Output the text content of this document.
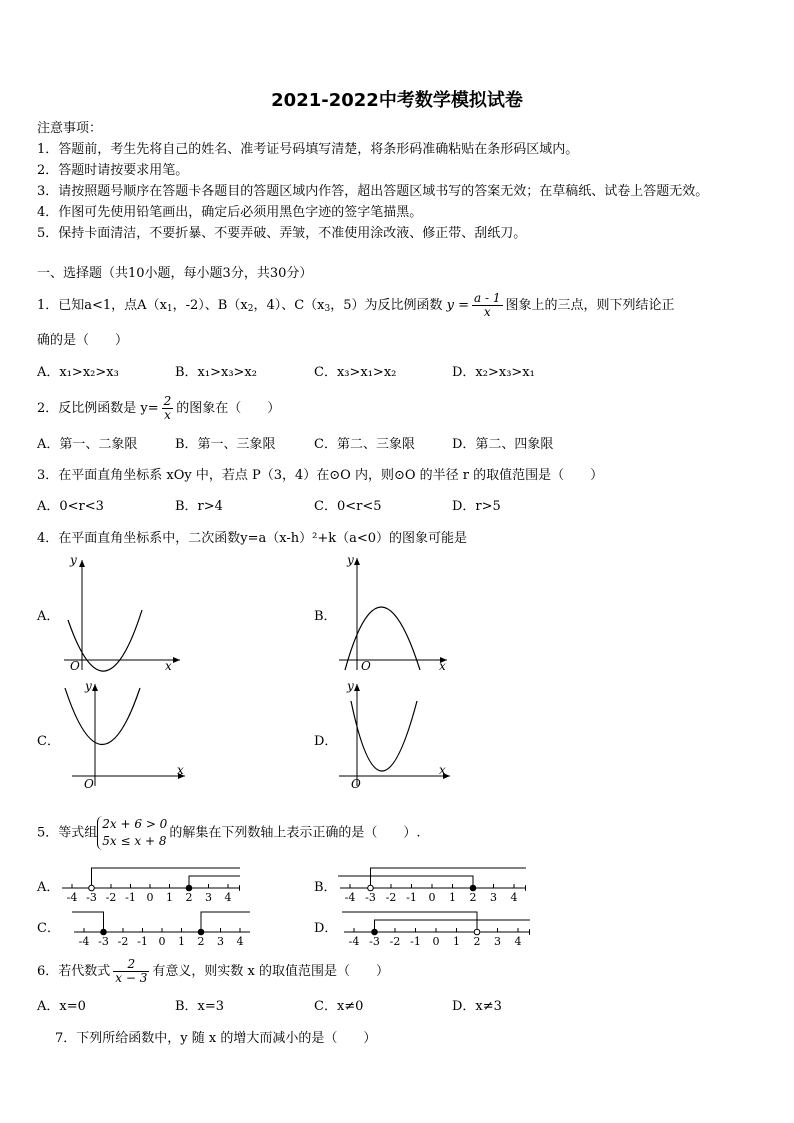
2021-2022中考数学模拟试卷
注意事项：
1．答题前，考生先将自己的姓名、准考证号码填写清楚，将条形码准确粘贴在条形码区域内。
2．答题时请按要求用笔。
3．请按照题号顺序在答题卡各题目的答题区域内作答，超出答题区域书写的答案无效；在草稿纸、试卷上答题无效。
4．作图可先使用铅笔画出，确定后必须用黑色字迹的签字笔描黑。
5．保持卡面清洁，不要折暴、不要弄破、弄皱，不准使用涂改液、修正带、刮纸刀。
一、选择题（共10小题，每小题3分，共30分）
1．已知a<1，点$A(x_1$，-2）、$B(x_2$，4）、$C(x_3$，5）为反比例函数 $y = \frac{a - 1}{x}$ 图象上的三点，则下列结论正
确的是（　　）
A．x₁>x₂>x₃	B．x₁>x₃>x₂	C．x₃>x₁>x₂	D．x₂>x₃>x₁
2．反比例函数是 $y= \frac{2}{x}$ 的图象在（　　）
A．第一、二象限	B．第一、三象限	C．第二、三象限	D．第二、四象限
3．在平面直角坐标系 xOy 中，若点 P（3，4）在⊙O 内，则⊙O 的半径 r 的取值范围是（　　）
A．0<r<3	B．r>4	C．0<r<5	D．r>5
4．在平面直角坐标系中，二次函数y=a（x-h）²+k（a<0）的图象可能是
A．
y
x
O
B．
y
x
O
C．
y
x
O
D．
y
x
O
5．等式组
2x + 6 > 0
5x ≤ x + 8
的解集在下列数轴上表示正确的是（　　）.
A．
-4 -3 -2 -1 0 1 2 3 4
B．
-4 -3 -2 -1 0 1 2 3 4
C．
-4 -3 -2 -1 0 1 2 3 4
D．
-4 -3 -2 -1 0 1 2 3 4
6．若代数式 $\frac{2}{x - 3}$ 有意义，则实数 x 的取值范围是（　　）
A．x=0	B．x=3	C．x≠0	D．x≠3
7．下列所给函数中，y 随 x 的增大而减小的是（　　）
